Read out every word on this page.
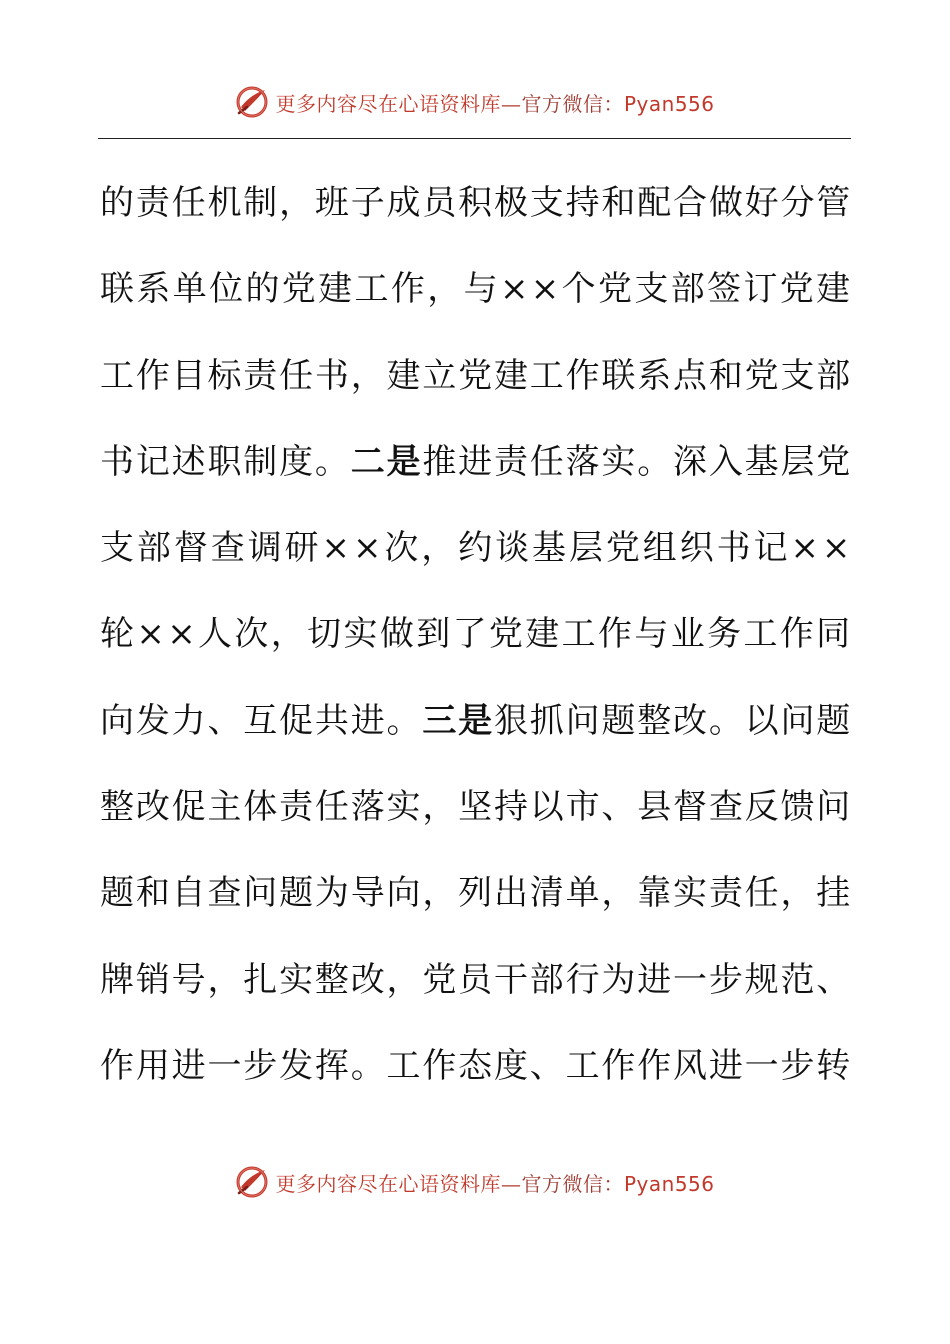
更多内容尽在心语资料库—官方微信：Pyan556
的 责 任 机 制 ， 班 子 成 员 积 极 支 持 和 配 合 做 好 分 管
联 系 单 位 的 党 建 工 作 ， 与 × × 个 党 支 部 签 订 党 建
工 作 目 标 责 任 书 ， 建 立 党 建 工 作 联 系 点 和 党 支 部
书 记 述 职 制 度 。 二 是 推 进 责 任 落 实 。 深 入 基 层 党
支 部 督 查 调 研 × × 次 ， 约 谈 基 层 党 组 织 书 记 × ×
轮 × × 人 次 ， 切 实 做 到 了 党 建 工 作 与 业 务 工 作 同
向 发 力 、 互 促 共 进 。 三 是 狠 抓 问 题 整 改 。 以 问 题
整 改 促 主 体 责 任 落 实 ， 坚 持 以 市 、 县 督 查 反 馈 问
题 和 自 查 问 题 为 导 向 ， 列 出 清 单 ， 靠 实 责 任 ， 挂
牌 销 号 ， 扎 实 整 改 ， 党 员 干 部 行 为 进 一 步 规 范 、
作 用 进 一 步 发 挥 。 工 作 态 度 、 工 作 作 风 进 一 步 转
更多内容尽在心语资料库—官方微信：Pyan556
